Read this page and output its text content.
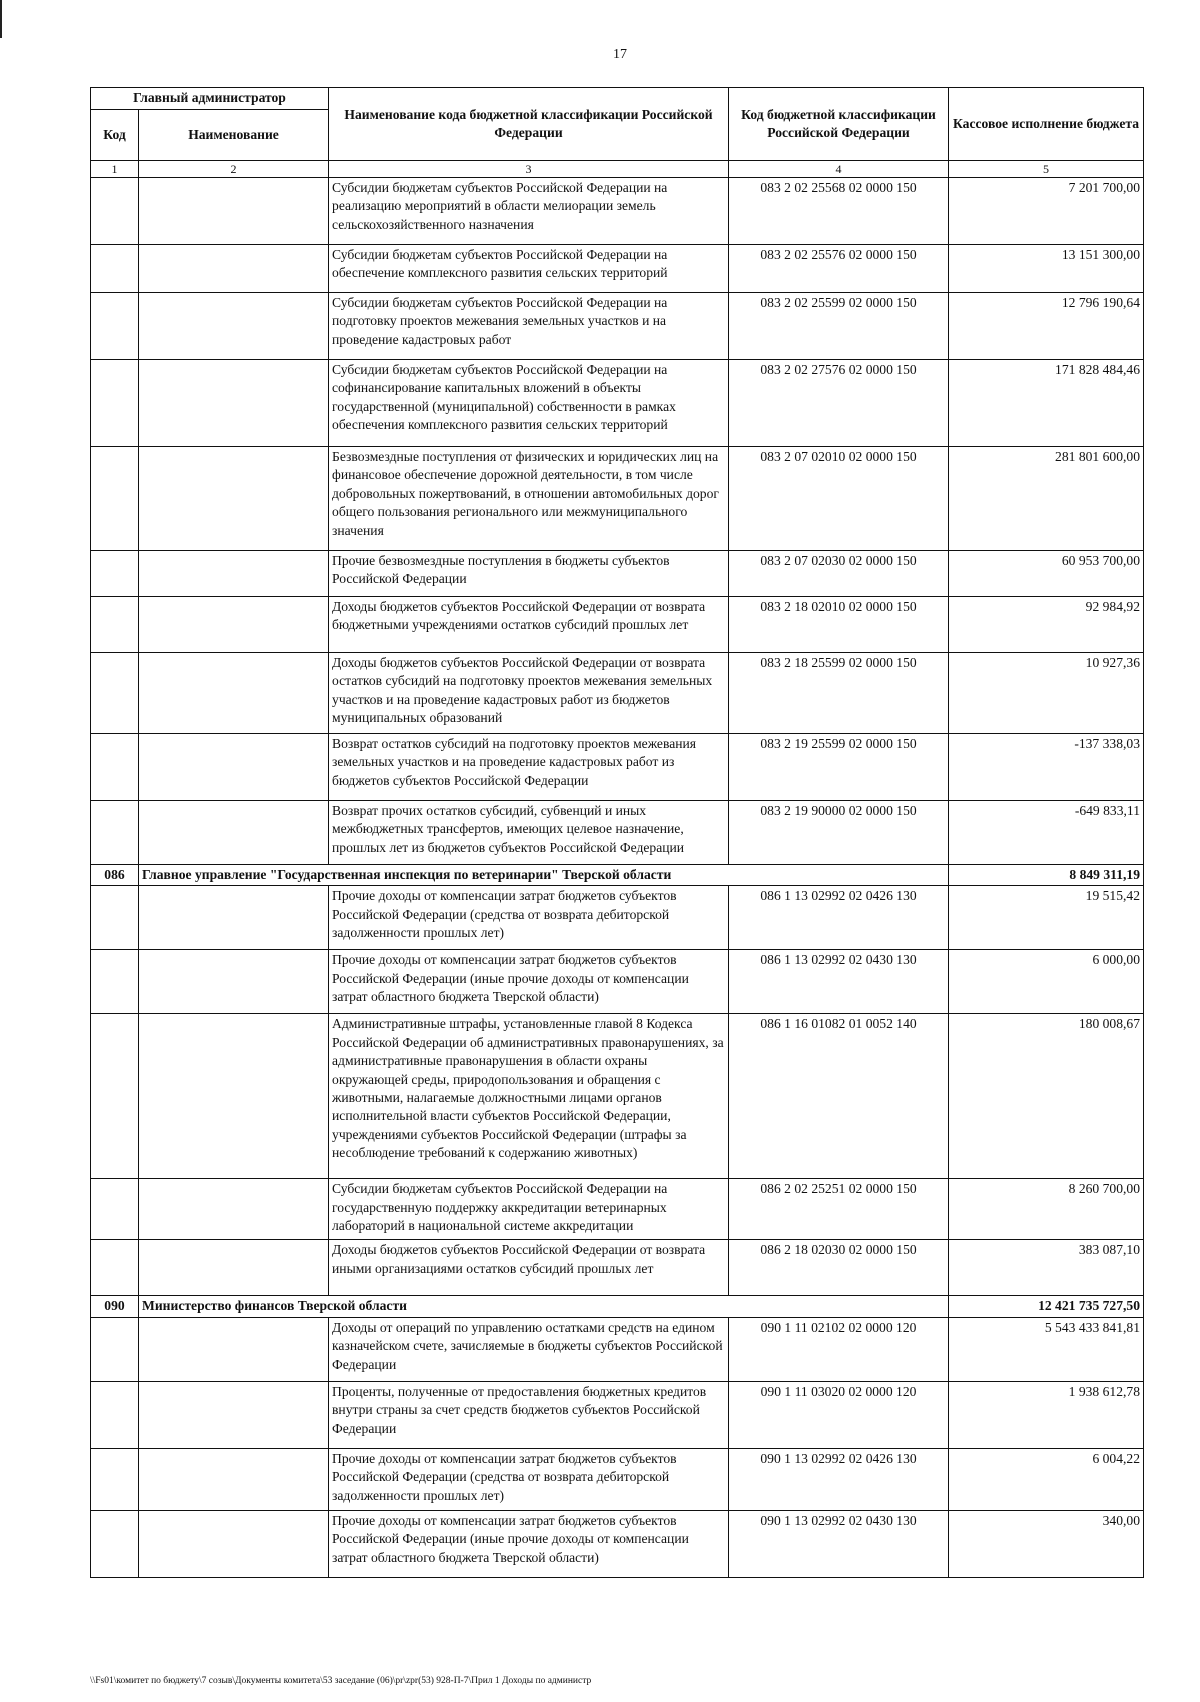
17
Главный администратор		Наименование кода бюджетной классификации Российской Федерации	Код бюджетной классификации Российской Федерации	Кассовое исполнение бюджета
Код	Наименование			
1	2	3	4	5
		Субсидии бюджетам субъектов Российской Федерации на реализацию мероприятий в области мелиорации земель сельскохозяйственного назначения	083 2 02 25568 02 0000 150	7 201 700,00
		Субсидии бюджетам субъектов Российской Федерации на обеспечение комплексного развития сельских территорий	083 2 02 25576 02 0000 150	13 151 300,00
		Субсидии бюджетам субъектов Российской Федерации на подготовку проектов межевания земельных участков и на проведение кадастровых работ	083 2 02 25599 02 0000 150	12 796 190,64
		Субсидии бюджетам субъектов Российской Федерации на софинансирование капитальных вложений в объекты государственной (муниципальной) собственности в рамках обеспечения комплексного развития сельских территорий	083 2 02 27576 02 0000 150	171 828 484,46
		Безвозмездные поступления от физических и юридических лиц на финансовое обеспечение дорожной деятельности, в том числе добровольных пожертвований, в отношении автомобильных дорог общего пользования регионального или межмуниципального значения	083 2 07 02010 02 0000 150	281 801 600,00
		Прочие безвозмездные поступления в бюджеты субъектов Российской Федерации	083 2 07 02030 02 0000 150	60 953 700,00
		Доходы бюджетов субъектов Российской Федерации от возврата бюджетными учреждениями остатков субсидий прошлых лет	083 2 18 02010 02 0000 150	92 984,92
		Доходы бюджетов субъектов Российской Федерации от возврата остатков субсидий на подготовку проектов межевания земельных участков и на проведение кадастровых работ из бюджетов муниципальных образований	083 2 18 25599 02 0000 150	10 927,36
		Возврат остатков субсидий на подготовку проектов межевания земельных участков и на проведение кадастровых работ из бюджетов субъектов Российской Федерации	083 2 19 25599 02 0000 150	-137 338,03
		Возврат прочих остатков субсидий, субвенций и иных межбюджетных трансфертов, имеющих целевое назначение, прошлых лет из бюджетов субъектов Российской Федерации	083 2 19 90000 02 0000 150	-649 833,11
086	Главное управление "Государственная инспекция по ветеринарии" Тверской области			8 849 311,19
		Прочие доходы от компенсации затрат бюджетов субъектов Российской Федерации (средства от возврата дебиторской задолженности прошлых лет)	086 1 13 02992 02 0426 130	19 515,42
		Прочие доходы от компенсации затрат бюджетов субъектов Российской Федерации (иные прочие доходы от компенсации затрат областного бюджета Тверской области)	086 1 13 02992 02 0430 130	6 000,00
		Административные штрафы, установленные главой 8 Кодекса Российской Федерации об административных правонарушениях, за административные правонарушения в области охраны окружающей среды, природопользования и обращения с животными, налагаемые должностными лицами органов исполнительной власти субъектов Российской Федерации, учреждениями субъектов Российской Федерации (штрафы за несоблюдение требований к содержанию животных)	086 1 16 01082 01 0052 140	180 008,67
		Субсидии бюджетам субъектов Российской Федерации на государственную поддержку аккредитации ветеринарных лабораторий в национальной системе аккредитации	086 2 02 25251 02 0000 150	8 260 700,00
		Доходы бюджетов субъектов Российской Федерации от возврата иными организациями остатков субсидий прошлых лет	086 2 18 02030 02 0000 150	383 087,10
090	Министерство финансов Тверской области			12 421 735 727,50
		Доходы от операций по управлению остатками средств на едином казначейском счете, зачисляемые в бюджеты субъектов Российской Федерации	090 1 11 02102 02 0000 120	5 543 433 841,81
		Проценты, полученные от предоставления бюджетных кредитов внутри страны за счет средств бюджетов субъектов Российской Федерации	090 1 11 03020 02 0000 120	1 938 612,78
		Прочие доходы от компенсации затрат бюджетов субъектов Российской Федерации (средства от возврата дебиторской задолженности прошлых лет)	090 1 13 02992 02 0426 130	6 004,22
		Прочие доходы от компенсации затрат бюджетов субъектов Российской Федерации (иные прочие доходы от компенсации затрат областного бюджета Тверской области)	090 1 13 02992 02 0430 130	340,00
\\Fs01\комитет по бюджету\7 созыв\Документы комитета\53 заседание (06)\pr\zpr(53) 928-П-7\Прил 1 Доходы по админиcтр
